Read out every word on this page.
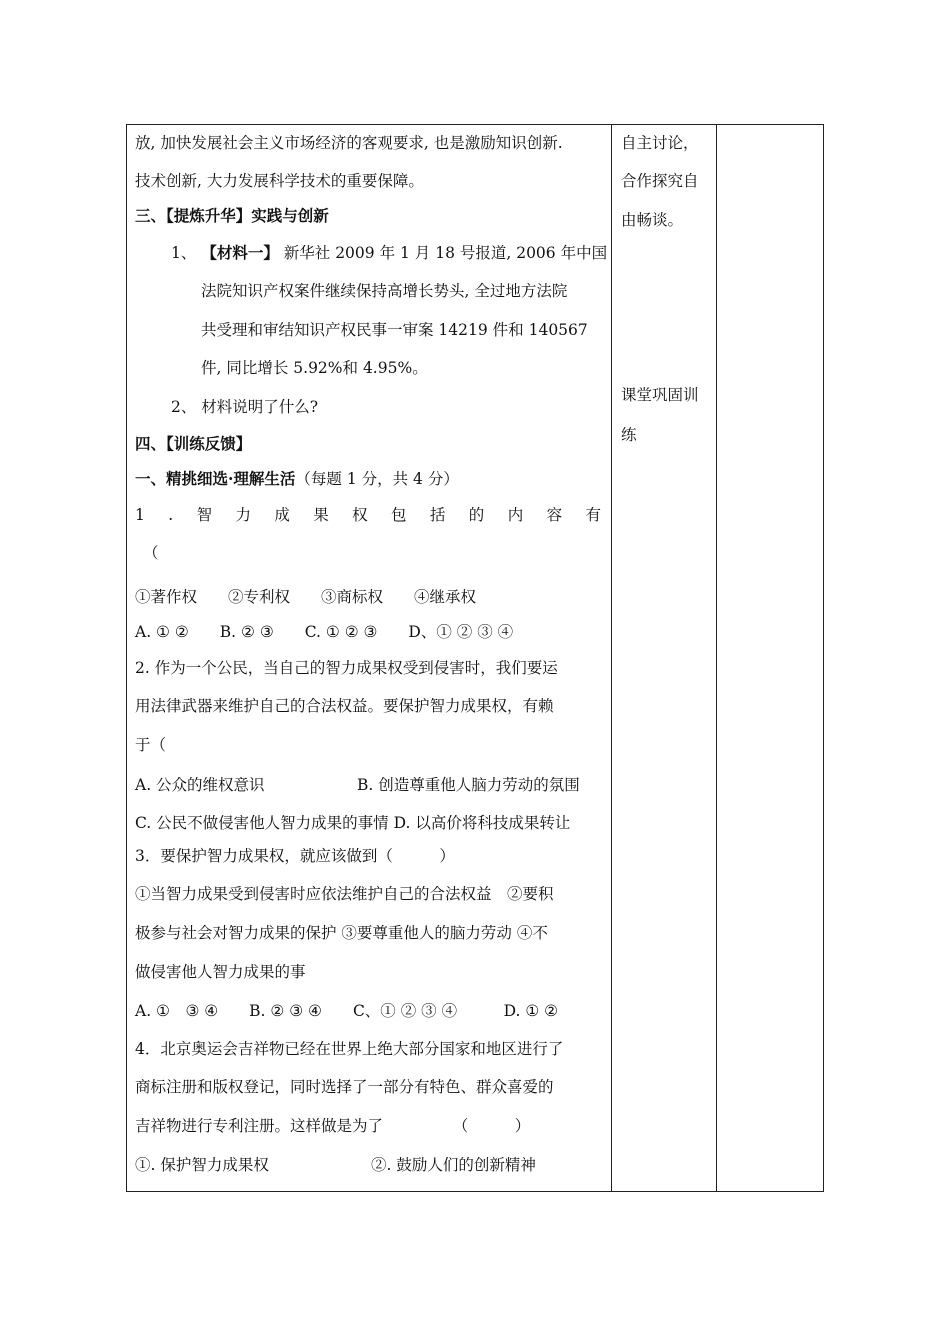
放, 加快发展社会主义市场经济的客观要求, 也是激励知识创新.
技术创新, 大力发展科学技术的重要保障。
三、【提炼升华】实践与创新
1、 【材料一】 新华社 2009 年 1 月 18 号报道, 2006 年中国
法院知识产权案件继续保持高增长势头, 全过地方法院
共受理和审结知识产权民事一审案 14219 件和 140567
件, 同比增长 5.92%和 4.95%。
2、 材料说明了什么?
四、【训练反馈】
一、精挑细选·理解生活（每题 1 分，共 4 分）
1 . 智 力 成 果 权 包 括 的 内 容 有
（
①著作权　　②专利权　　③商标权　　④继承权
A. ① ②　　B. ② ③　　C. ① ② ③　　D、① ② ③ ④
2. 作为一个公民，当自己的智力成果权受到侵害时，我们要运
用法律武器来维护自己的合法权益。要保护智力成果权，有赖
于（
A. 公众的维权意识	B. 创造尊重他人脑力劳动的氛围
C. 公民不做侵害他人智力成果的事情 D. 以高价将科技成果转让
3．要保护智力成果权，就应该做到（　　　）
①当智力成果受到侵害时应依法维护自己的合法权益　②要积
极参与社会对智力成果的保护 ③要尊重他人的脑力劳动 ④不
做侵害他人智力成果的事
A. ①　③ ④　　B. ② ③ ④　　C、① ② ③ ④　　　D. ① ②
4．北京奥运会吉祥物已经在世界上绝大部分国家和地区进行了
商标注册和版权登记，同时选择了一部分有特色、群众喜爱的
吉祥物进行专利注册。这样做是为了　　　　　（　　　）
①. 保护智力成果权	②. 鼓励人们的创新精神
自主讨论，
合作探究自
由畅谈。
课堂巩固训
练
